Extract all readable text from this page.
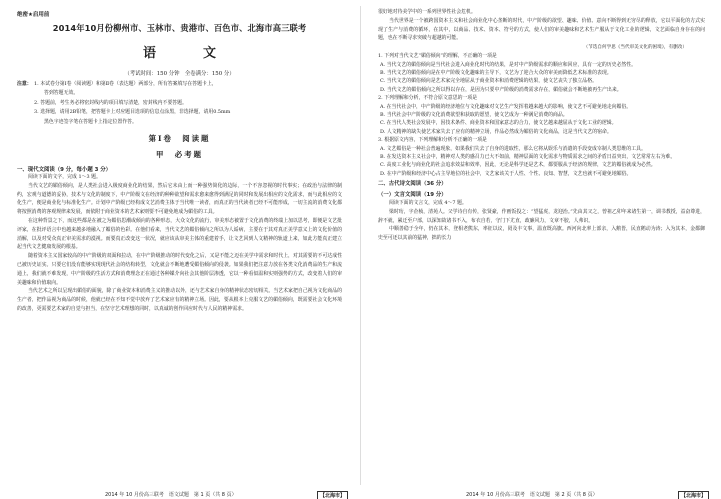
绝密★启用前
2014年10月份柳州市、玉林市、贵港市、百色市、北海市高三联考
语　文
（考试时间：150 分钟　全卷满分：150 分）
注意： 1. 本试卷分第Ⅰ卷（阅读题）和第Ⅱ卷（表达题）两部分，所有答案填写在答题卡上，
答到答题无效。
2. 答题前，考生务必将密封线内的项目填写清楚，密封线内不要答题。
3. 选择题，请用2B铅笔，把答题卡上对应题目选项的信息点涂黑，非选择题，请用0.5mm
黑色字迹签字笔在答题卡上指定位置作答。
第Ⅰ卷　阅读题
甲　必考题
一、现代文阅读（9 分，每小题 3 分）

阅读下面的文字，完成 1～3 题。

当代文艺的媚俗倾向，是人类社会进入极度商业化的结果，然后它未由上而一种强势简化的边际，一个不容忽视的时代事实；在政治与法律的制约，宏观与道德的妥协，技术与文化的制度下，中产阶级文在经济的种种欲望和需求愈来愈得到满足的同时和发展出相应的文化需求，而与此相应的文化生产，便是商业化与标准化生产。计划中产阶级已经构成文艺消费主体于当代唯一读者，而真正的当代读者已经不可能形成，一切主流的消费文化都将按照消费的客观规律来发展，而依附于商业资本的艺术家则要不可避免地成为媚俗的工具。

在这种背景之下，而这些都是在被之为媚俗思潮或倾向的各种形态，大众文化的流行，审美形态被置于文化消费的终端上加以思考，即便是文艺批评家，在批评语言中也越来越多地融入了媚俗的色彩。在他们看来，当代文艺的媚俗倾向之所以为人诟病，主要在于其对真正美学意义上的文化价值的消解，以及对受众真正审美需求的漠视。而要真正改变这一状况，就应该从审美主体的重建着手，让文艺回到人文精神的轨道上来，如此方能真正建立起当代文艺健康发展的根基。

随着资本主义国家较高的中产阶级的双面和拉动，在中产阶级推动的时代变化之后，又是不能之迈在美学中需求和时代上，对其需要的不可达成性已被历史证实。只要它们没有能够实现现代社会的结构转型，文化就会不断地遭受媚俗倾向的侵袭。如果我们把注意力放在各类文化消费品的生产和流通上，我们就不难发现，中产阶级的生活方式和消费理念正在通过各种媒介向社会其他阶层渗透，它以一种看似温和实则强势的方式，改变着人们的审美趣味和价值取向。

当代艺术之所以呈现出媚俗的面貌，除了商业资本和消费主义的推动以外，还与艺术家自身的精神状态密切相关。当艺术家把自己视为文化商品的生产者，把作品视为商品的时候，他就已经在不知不觉中放弃了艺术家应有的精神立场。因此，要从根本上克服文艺的媚俗倾向，既需要社会文化环境的改善，更需要艺术家的自觉与担当，在坚守艺术理想的同时，以真诚的创作回应时代与人民的精神需求。

2014 年 10 月份高三联考　语文试题　第 1 页（共 8 页）	【北海市】

很好地对待美学中的一系列世界性社会危机。

当代世界是一个被跨国资本主义和社会商业化中心垄断的时代，中产阶级的欲望、趣味、价值、意向不断得到无穷尽的释放，它以平面化的方式实现了生产与消费的循环，在其中，以商品、技术、资本、符号的方式，使人们的审美趣味和艺术生产服从于文化工业的逻辑，文艺面临自身存在的问题，也在不断寻求突破与超越的可能。

（节选自何学思《当代审美文化的困境》，有删改）
1. 下列对当代文艺“媚俗倾向”的理解，不正确的一项是
A. 当代文艺的媚俗倾向是当代社会进入商业化时代的结果，是对中产阶级需求的顺应和回应，具有一定的历史必然性。
B. 当代文艺的媚俗倾向是在中产阶级文化趣味的主导下，文艺为了迎合大众的审美而降低艺术标准的表现。
C. 当代文艺的媚俗倾向是艺术家完全地屈从于商业资本和消费逻辑的结果，使文艺丧失了独立品格。
D. 当代文艺的媚俗倾向之所以得以存在，是因为只要中产阶级的消费需求存在，媚俗就会不断地被再生产出来。
2. 下列理解和分析，不符合原文意思的一项是
A. 在当代社会中，中产阶级的经济地位与文化趣味对文艺生产发挥着越来越大的影响，使文艺不可避免地走向媚俗。
B. 当代社会中产阶级的文化消费欲望和获取的愿望，使文艺成为一种满足消费的商品。
C. 在当代人类社会发展中，因技术条件、商业资本和国家意志的合力，使文艺越来越屈从于文化工业的逻辑。
D. 人文精神的缺失使艺术家失去了应有的精神立场，作品必然成为媚俗的文化商品，这是当代文艺的宿命。
3. 根据原文内容，下列理解和分析不正确的一项是
A. 文艺媚俗是一种社会普遍现象，如果我们失去了自身的进取性，那么它将从娱乐与消遣的手段变成宰制人类思维的工具。
B. 在发达资本主义社会中，精神对人类的感召力已大不如前，精神层面的文化需求与物质需求之间的矛盾日益突出，文艺常常左右为难。
C. 高度工业化与商业化的社会追求效益和效率，因此，无论是科学还是艺术，都要服从于经济的规律，文艺的媚俗就成为必然。
D. 在中产阶级和经济中心占主导地位的社会中，文艺家该关于人性、个性、良知、智慧，文艺也就不可避免地媚俗。
二、古代诗文阅读（36 分）
（一）文言文阅读（19 分）

阅读下面的文言文，完成 4～7 题。

梁时珩，字企桢，清苑人。父学诗自有传，张贤豪，作画饭投之：“望猛虎，龙迎治。”先由其父之，曾祖乙卯年来诸生第一，调书教授，益奋尊进，辞不就，累迁至户部，以深知故诸书不入，布衣自若，守门下尤直，政廉风力，文章不胶，人弗识。

中顺善稳于全年，仍在其本，登相老熊东，率征以议，罔及丰文事，温直既高旗。西河向北率上部亲，入鹅皆，民直鹅动为涛；入为其本，金都御史至可还以其前的猛神，拙的长力

2014 年 10 月份高三联考　语文试题　第 2 页（共 8 页）	【北海市】
